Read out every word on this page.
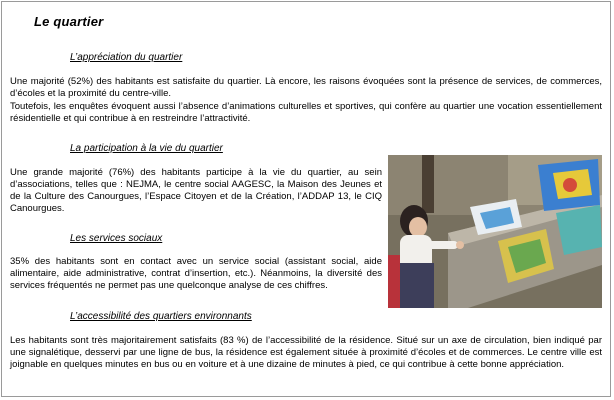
Le quartier
L’appréciation du quartier

Une majorité (52%) des habitants est satisfaite du quartier. Là encore, les raisons évoquées sont la présence de services, de commerces, d’écoles et la proximité du centre-ville.

Toutefois, les enquêtes évoquent aussi l’absence d’animations culturelles et sportives, qui confère au quartier une vocation essentiellement résidentielle et qui contribue à en restreindre l’attractivité.

La participation à la vie du quartier

Une grande majorité (76%) des habitants participe à la vie du quartier, au sein d’associations, telles que : NEJMA, le centre social AAGESC, la Maison des Jeunes et de la Culture des Canourgues, l’Espace Citoyen et de la Création, l’ADDAP 13, le CIQ Canourgues.

Les services sociaux

35% des habitants sont en contact avec un service social (assistant social, aide alimentaire, aide administrative, contrat d’insertion, etc.). Néanmoins, la diversité des services fréquentés ne permet pas une quelconque analyse de ces chiffres.

L’accessibilité des quartiers environnants

Les habitants sont très majoritairement satisfaits (83 %) de l’accessibilité de la résidence. Situé sur un axe de circulation, bien indiqué par une signalétique, desservi par une ligne de bus, la résidence est également située à proximité d’écoles et de commerces. Le centre ville est joignable en quelques minutes en bus ou en voiture et à une dizaine de minutes à pied, ce qui contribue à cette bonne appréciation.
